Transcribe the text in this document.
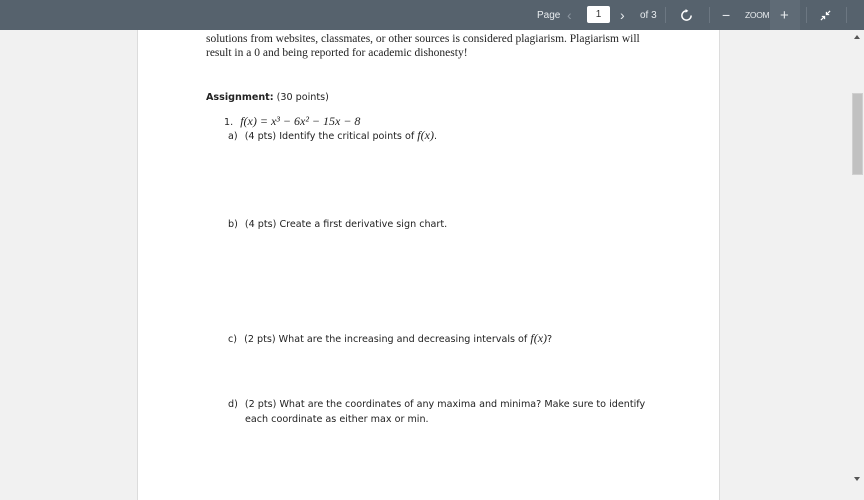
Page ‹	1	› of 3	− ZOOM +
solutions from websites, classmates, or other sources is considered plagiarism. Plagiarism will
result in a 0 and being reported for academic dishonesty!
Assignment: (30 points)
1. f(x) = x³ − 6x² − 15x − 8
a) (4 pts) Identify the critical points of f(x).
b) (4 pts) Create a first derivative sign chart.
c) (2 pts) What are the increasing and decreasing intervals of f(x)?
d) (2 pts) What are the coordinates of any maxima and minima? Make sure to identify
each coordinate as either max or min.
